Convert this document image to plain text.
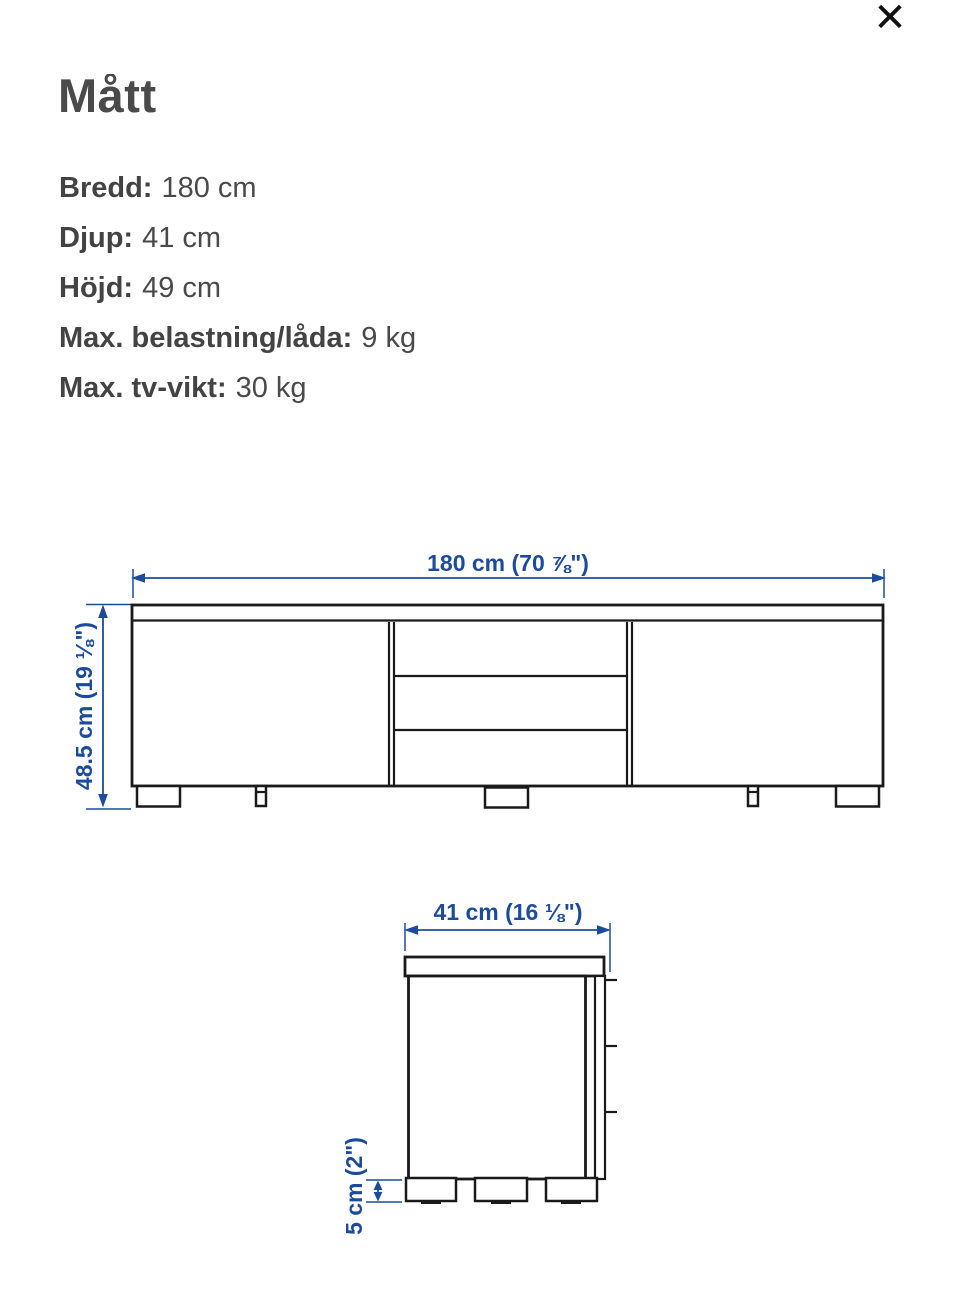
✕
Mått
Bredd: 180 cm
Djup: 41 cm
Höjd: 49 cm
Max. belastning/låda: 9 kg
Max. tv-vikt: 30 kg
180 cm (70 ⅞")
48.5 cm (19 ⅛")
41 cm (16 ⅛")
5 cm (2")
